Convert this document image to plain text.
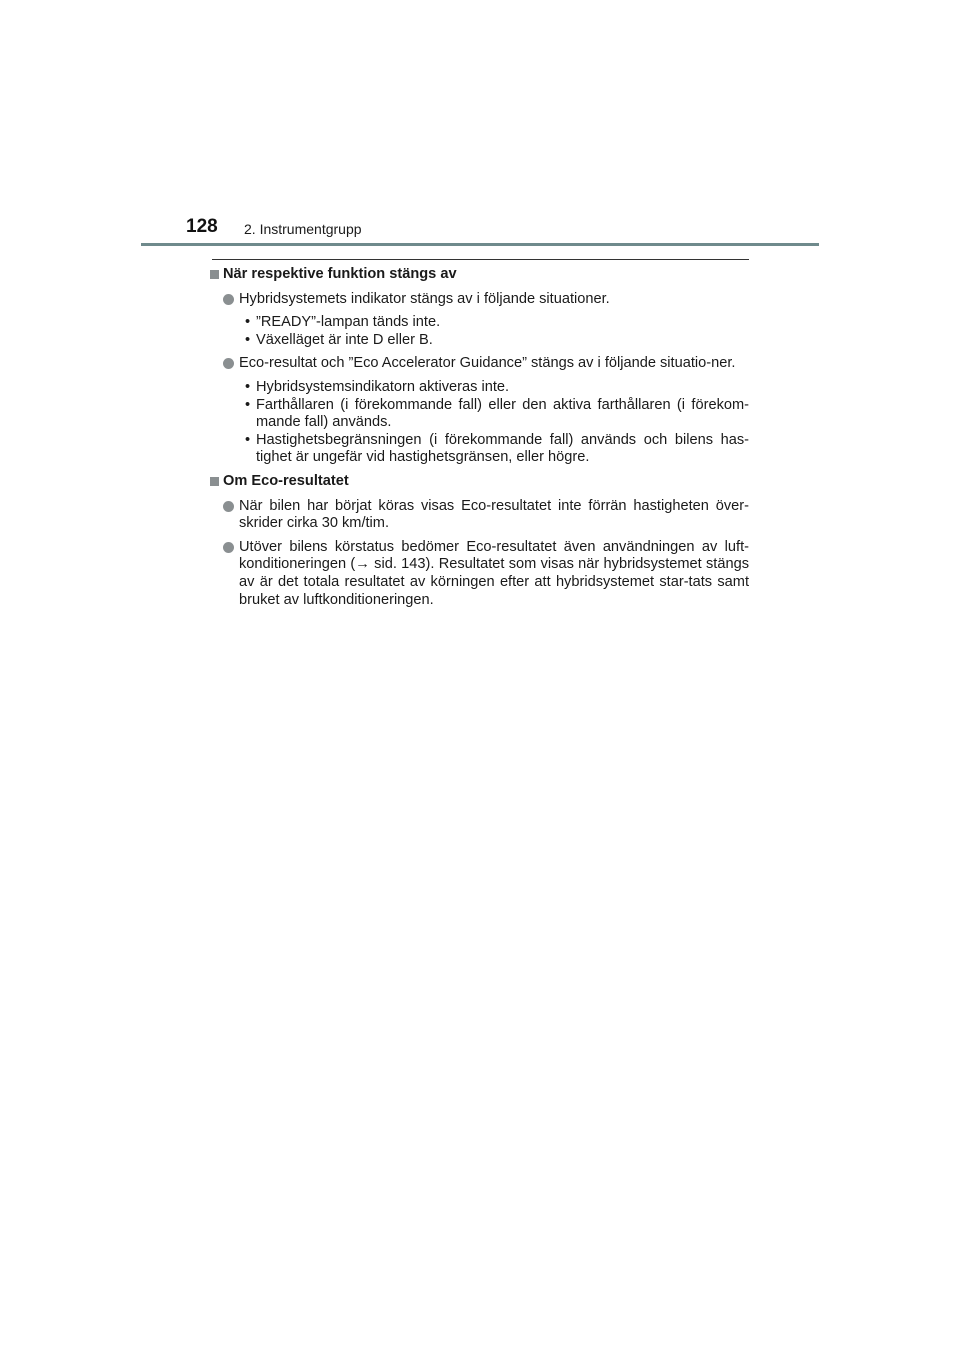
128 2. Instrumentgrupp
När respektive funktion stängs av
Hybridsystemets indikator stängs av i följande situationer.
• ”READY”-lampan tänds inte.
• Växelläget är inte D eller B.
Eco-resultat och ”Eco Accelerator Guidance” stängs av i följande situatio-ner.
• Hybridsystemsindikatorn aktiveras inte.
• Farthållaren (i förekommande fall) eller den aktiva farthållaren (i förekom-mande fall) används.
• Hastighetsbegränsningen (i förekommande fall) används och bilens has-tighet är ungefär vid hastighetsgränsen, eller högre.
Om Eco-resultatet
När bilen har börjat köras visas Eco-resultatet inte förrän hastigheten över-skrider cirka 30 km/tim.
Utöver bilens körstatus bedömer Eco-resultatet även användningen av luft-konditioneringen (→ sid. 143). Resultatet som visas när hybridsystemet stängs av är det totala resultatet av körningen efter att hybridsystemet star-tats samt bruket av luftkonditioneringen.
